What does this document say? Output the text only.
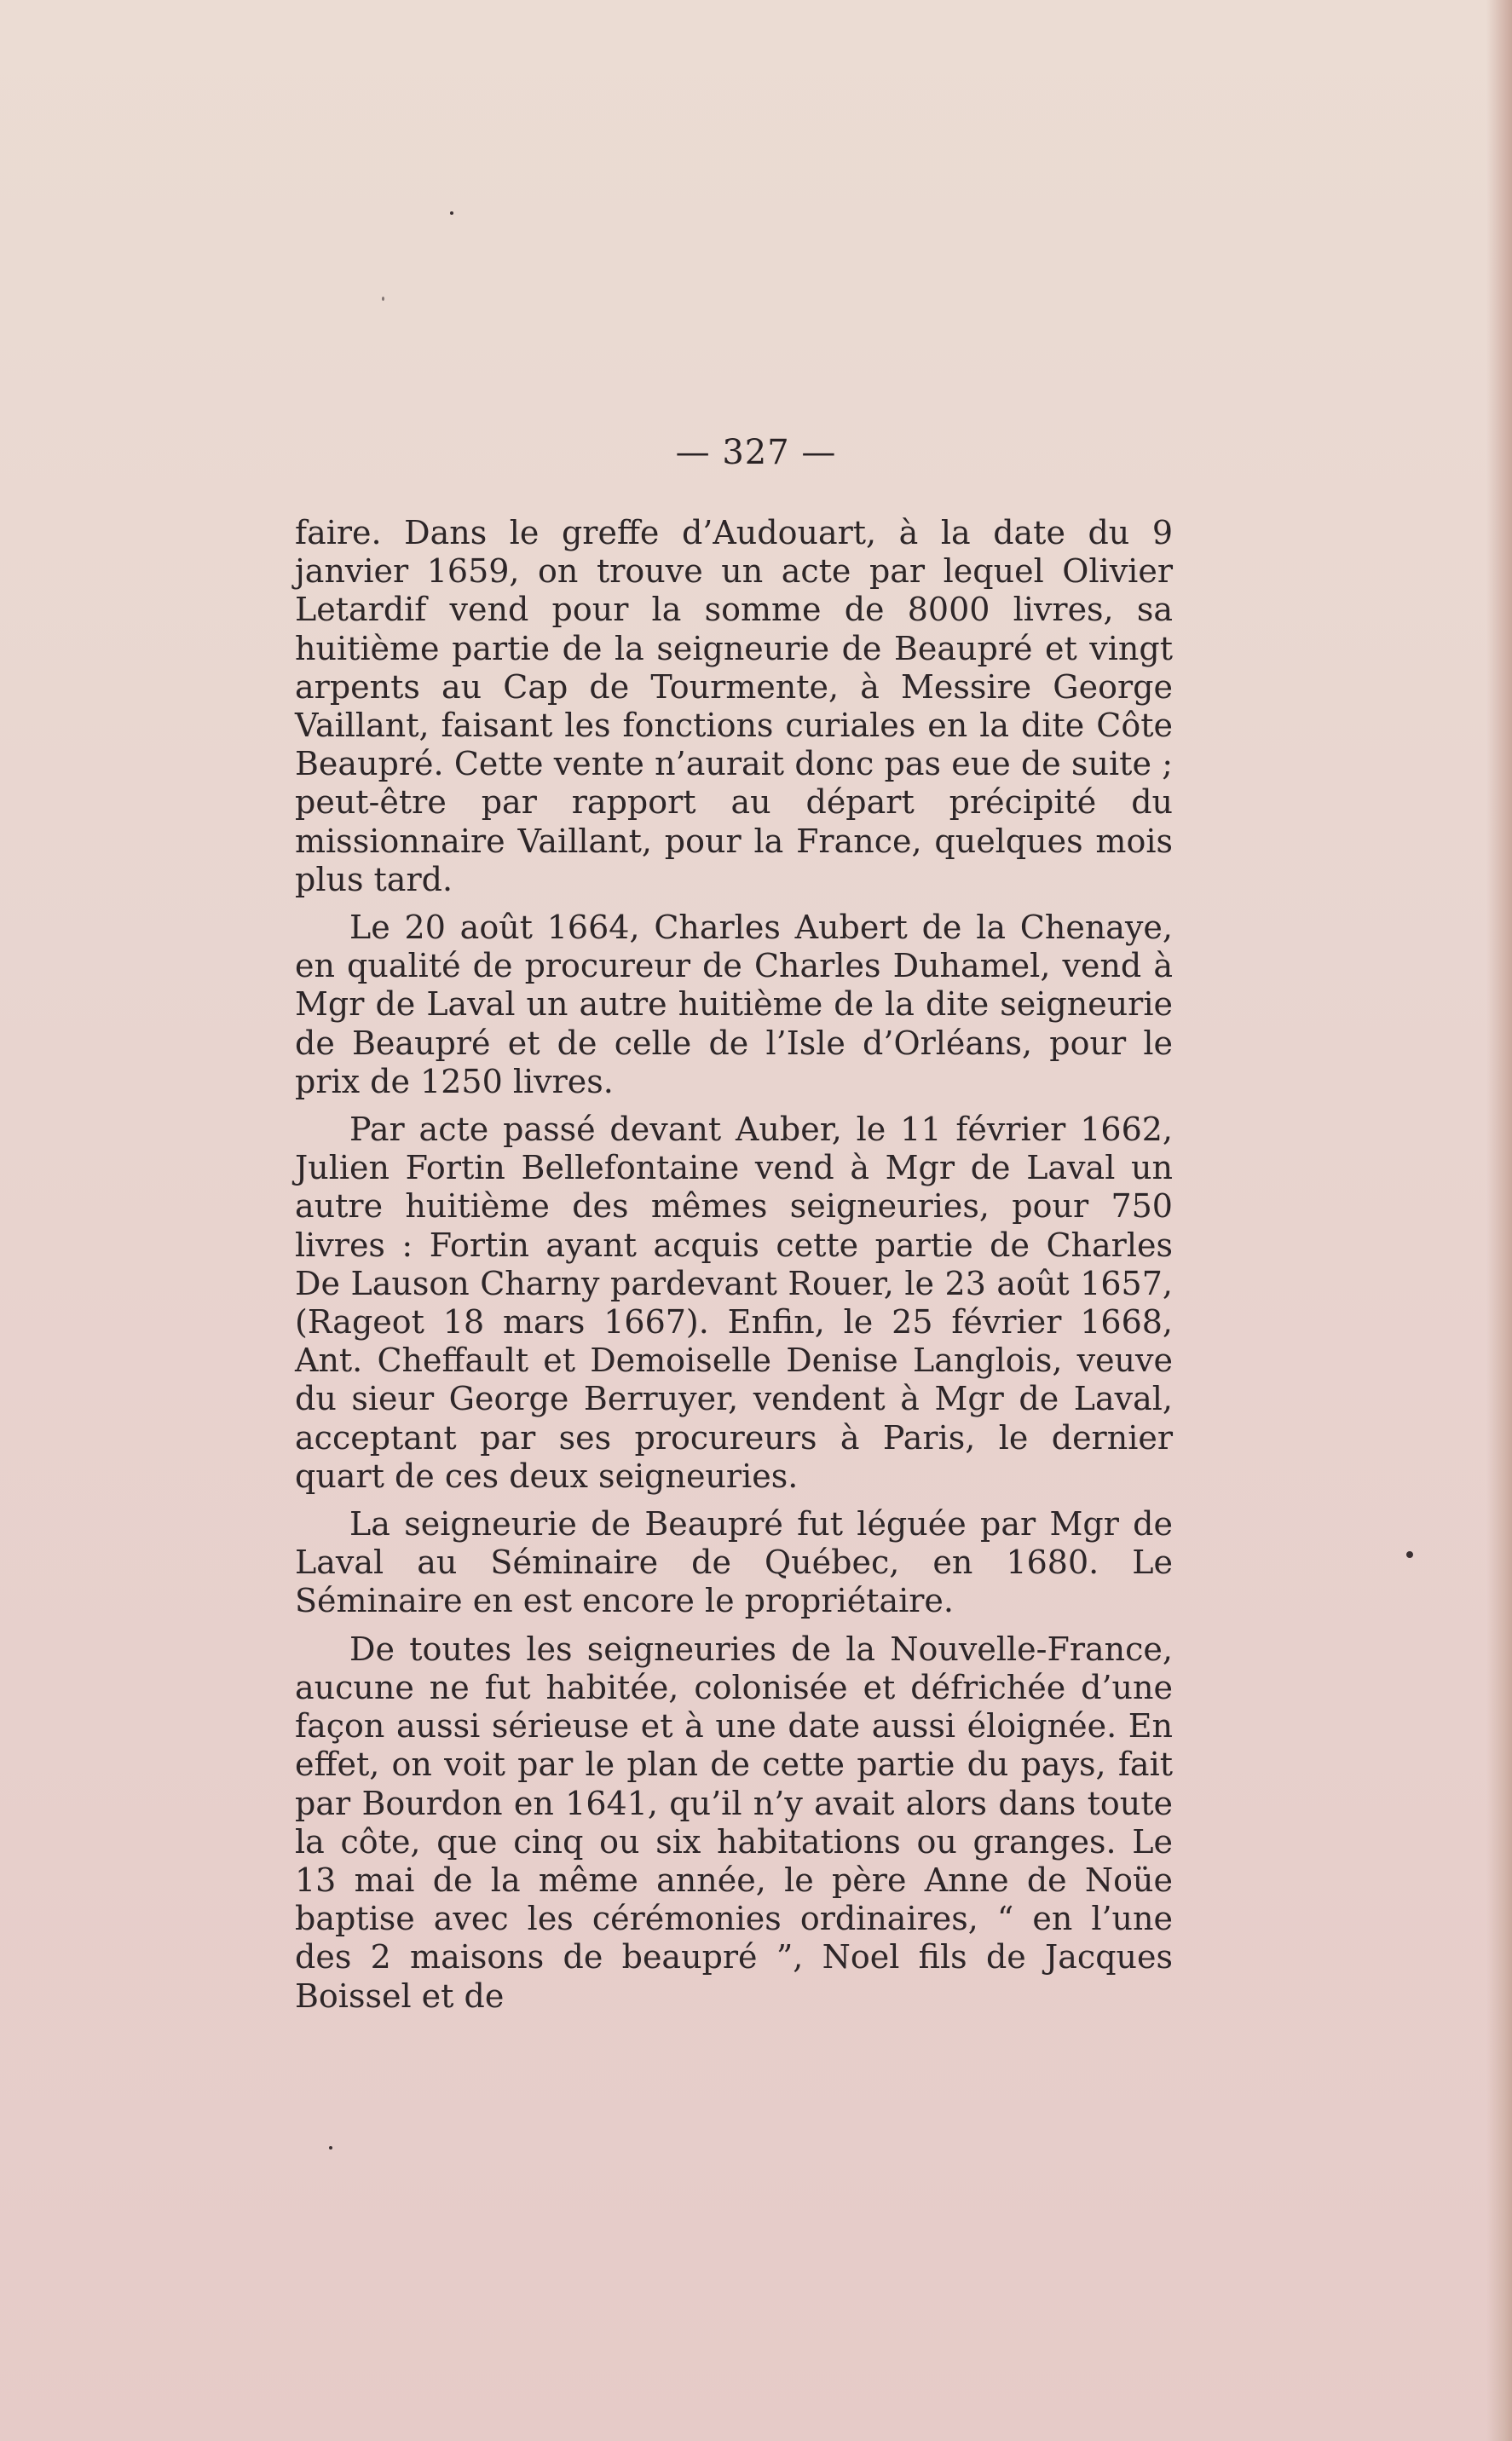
— 327 —

faire. Dans le greffe d’Audouart, à la date du 9 janvier 1659, on trouve un acte par lequel Olivier Letardif vend pour la somme de 8000 livres, sa huitième partie de la seigneurie de Beaupré et vingt arpents au Cap de Tourmente, à Messire George Vaillant, faisant les fonctions curiales en la dite Côte Beaupré. Cette vente n’aurait donc pas eue de suite ; peut-être par rapport au départ précipité du missionnaire Vaillant, pour la France, quelques mois plus tard.

Le 20 août 1664, Charles Aubert de la Chenaye, en qualité de procureur de Charles Duhamel, vend à Mgr de Laval un autre huitième de la dite seigneurie de Beaupré et de celle de l’Isle d’Orléans, pour le prix de 1250 livres.

Par acte passé devant Auber, le 11 février 1662, Julien Fortin Bellefontaine vend à Mgr de Laval un autre huitième des mêmes seigneuries, pour 750 livres : Fortin ayant acquis cette partie de Charles De Lauson Charny pardevant Rouer, le 23 août 1657, (Rageot 18 mars 1667). Enfin, le 25 février 1668, Ant. Cheffault et Demoiselle Denise Langlois, veuve du sieur George Berruyer, vendent à Mgr de Laval, acceptant par ses procureurs à Paris, le dernier quart de ces deux seigneuries.

La seigneurie de Beaupré fut léguée par Mgr de Laval au Séminaire de Québec, en 1680. Le Séminaire en est encore le propriétaire.

De toutes les seigneuries de la Nouvelle-France, aucune ne fut habitée, colonisée et défrichée d’une façon aussi sérieuse et à une date aussi éloignée. En effet, on voit par le plan de cette partie du pays, fait par Bourdon en 1641, qu’il n’y avait alors dans toute la côte, que cinq ou six habitations ou granges. Le 13 mai de la même année, le père Anne de Noüe baptise avec les cérémonies ordinaires, “ en l’une des 2 maisons de beaupré ”, Noel fils de Jacques Boissel et de
